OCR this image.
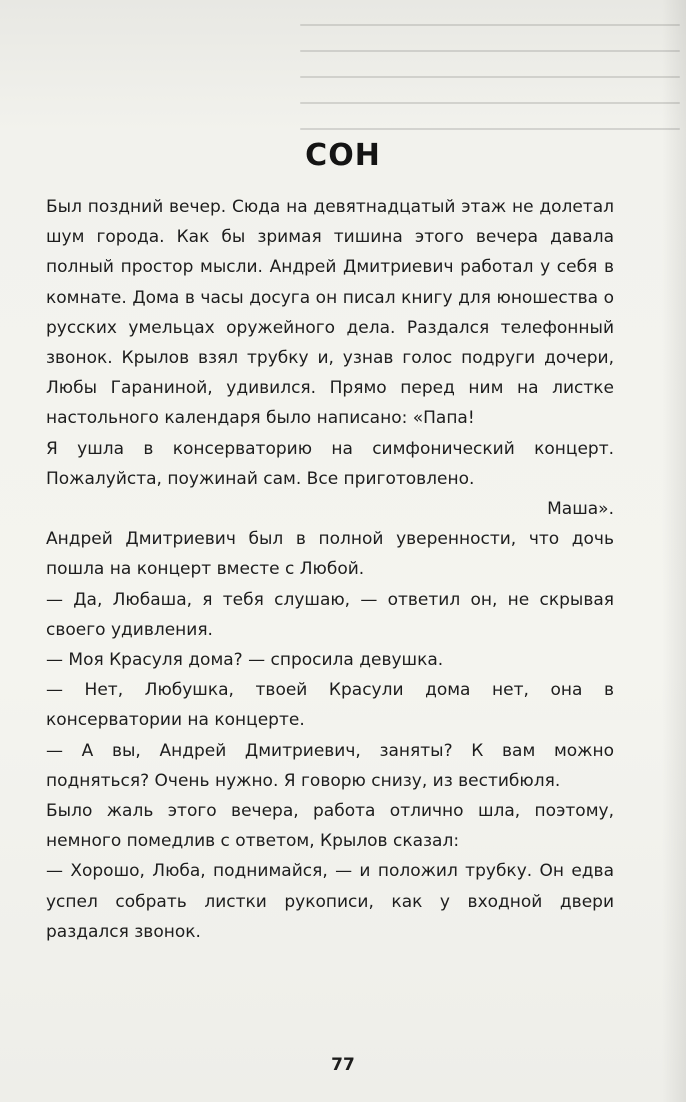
СОН

Был поздний вечер. Сюда на девятнадцатый этаж не долетал шум города. Как бы зримая тишина этого вечера давала полный простор мысли. Андрей Дмитриевич работал у себя в комнате. Дома в часы досуга он писал книгу для юношества о русских умельцах оружейного дела. Раздался телефонный звонок. Крылов взял трубку и, узнав голос подруги дочери, Любы Гараниной, удивился. Прямо перед ним на листке настольного календаря было написано: «Папа!

Я ушла в консерваторию на симфонический концерт. Пожалуйста, поужинай сам. Все приготовлено.

Маша».

Андрей Дмитриевич был в полной уверенности, что дочь пошла на концерт вместе с Любой.

— Да, Любаша, я тебя слушаю, — ответил он, не скрывая своего удивления.

— Моя Красуля дома? — спросила девушка.

— Нет, Любушка, твоей Красули дома нет, она в консерватории на концерте.

— А вы, Андрей Дмитриевич, заняты? К вам можно подняться? Очень нужно. Я говорю снизу, из вестибюля.

Было жаль этого вечера, работа отлично шла, поэтому, немного помедлив с ответом, Крылов сказал:

— Хорошо, Люба, поднимайся, — и положил трубку. Он едва успел собрать листки рукописи, как у входной двери раздался звонок.

77
